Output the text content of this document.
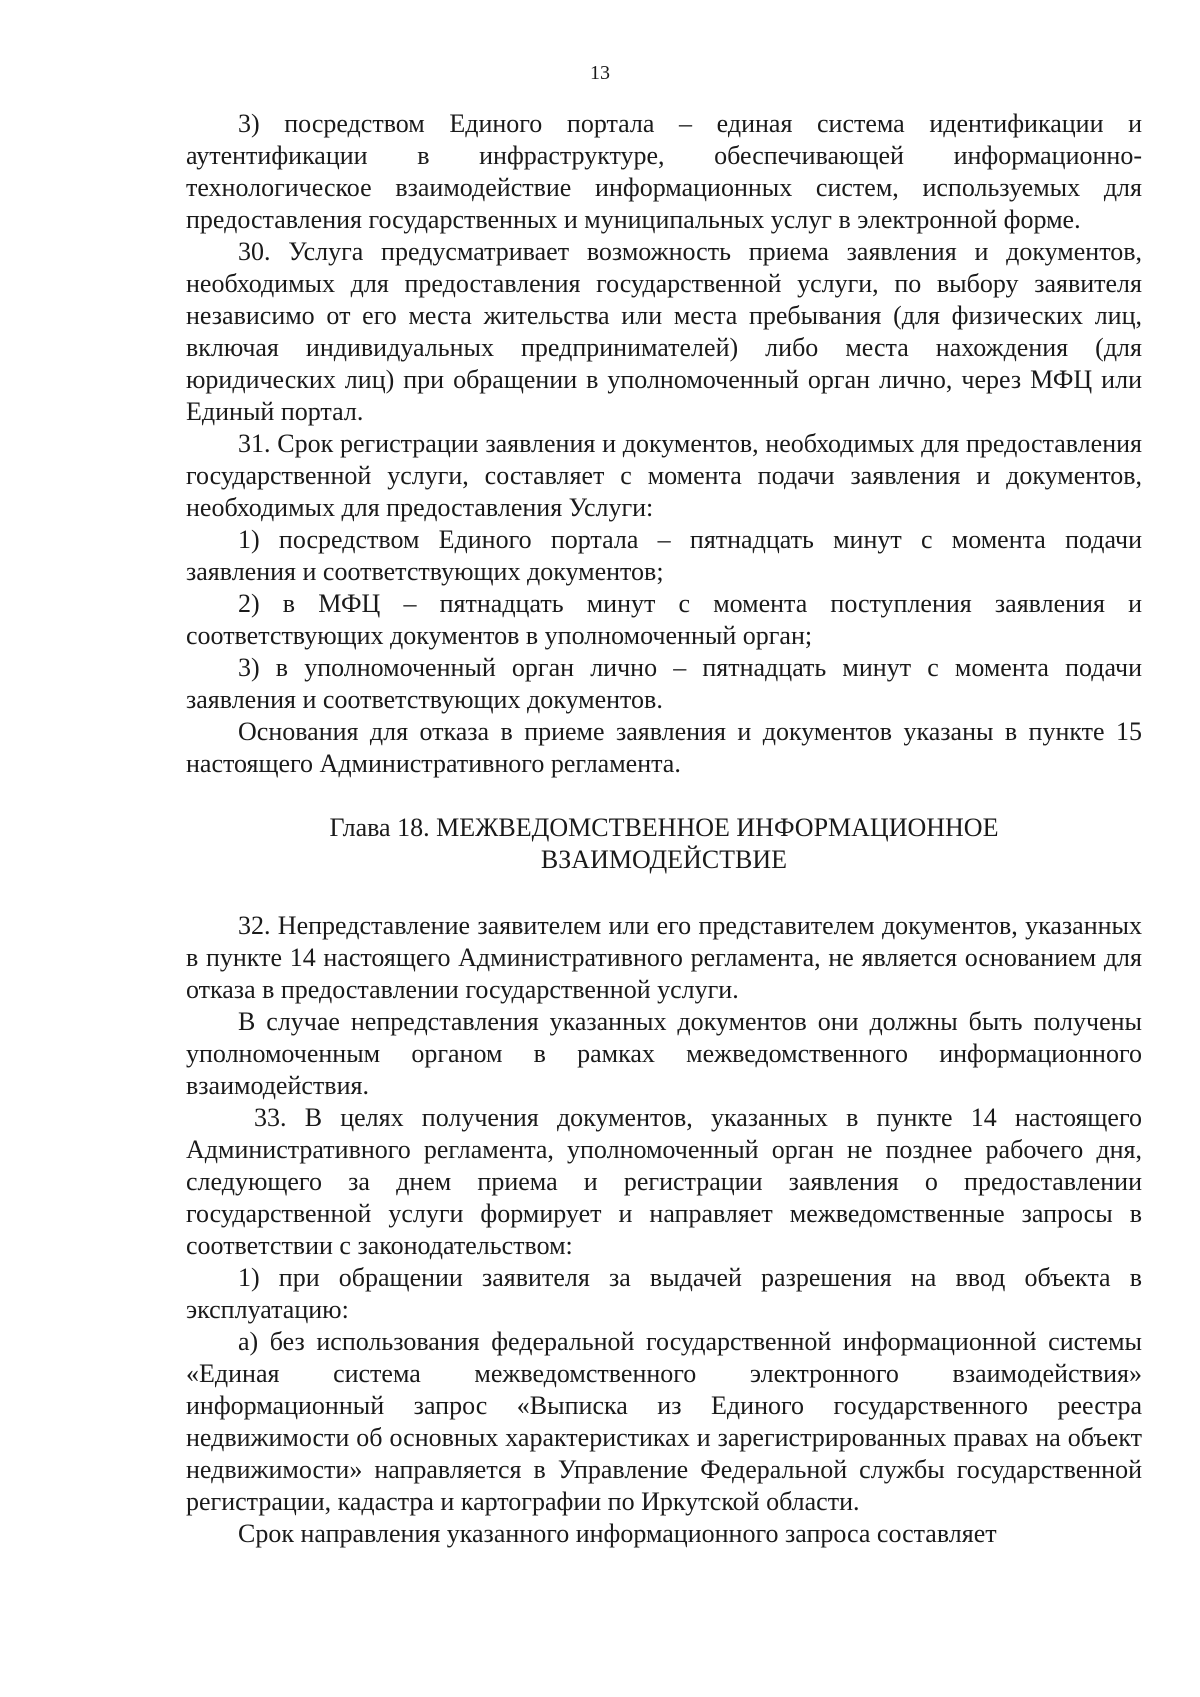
13

3) посредством Единого портала – единая система идентификации и аутентификации в инфраструктуре, обеспечивающей информационно-технологическое взаимодействие информационных систем, используемых для предоставления государственных и муниципальных услуг в электронной форме.

30. Услуга предусматривает возможность приема заявления и документов, необходимых для предоставления государственной услуги, по выбору заявителя независимо от его места жительства или места пребывания (для физических лиц, включая индивидуальных предпринимателей) либо места нахождения (для юридических лиц) при обращении в уполномоченный орган лично, через МФЦ или Единый портал.

31. Срок регистрации заявления и документов, необходимых для предоставления государственной услуги, составляет с момента подачи заявления и документов, необходимых для предоставления Услуги:

1) посредством Единого портала – пятнадцать минут с момента подачи заявления и соответствующих документов;

2) в МФЦ – пятнадцать минут с момента поступления заявления и соответствующих документов в уполномоченный орган;

3) в уполномоченный орган лично – пятнадцать минут с момента подачи заявления и соответствующих документов.

Основания для отказа в приеме заявления и документов указаны в пункте 15 настоящего Административного регламента.

Глава 18. МЕЖВЕДОМСТВЕННОЕ ИНФОРМАЦИОННОЕ
ВЗАИМОДЕЙСТВИЕ

32. Непредставление заявителем или его представителем документов, указанных в пункте 14 настоящего Административного регламента, не является основанием для отказа в предоставлении государственной услуги.

В случае непредставления указанных документов они должны быть получены уполномоченным органом в рамках межведомственного информационного взаимодействия.

33. В целях получения документов, указанных в пункте 14 настоящего Административного регламента, уполномоченный орган не позднее рабочего дня, следующего за днем приема и регистрации заявления о предоставлении государственной услуги формирует и направляет межведомственные запросы в соответствии с законодательством:

1) при обращении заявителя за выдачей разрешения на ввод объекта в эксплуатацию:

а) без использования федеральной государственной информационной системы «Единая система межведомственного электронного взаимодействия» информационный запрос «Выписка из Единого государственного реестра недвижимости об основных характеристиках и зарегистрированных правах на объект недвижимости» направляется в Управление Федеральной службы государственной регистрации, кадастра и картографии по Иркутской области.

Срок направления указанного информационного запроса составляет
